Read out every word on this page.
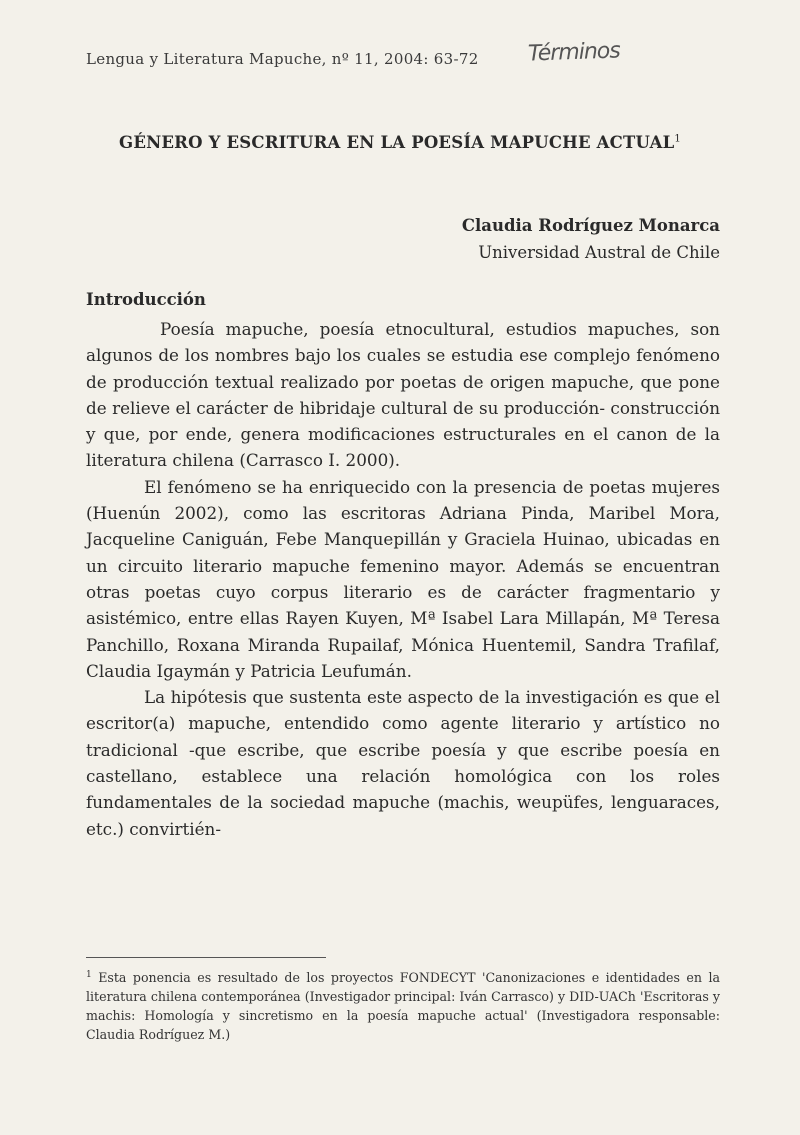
Lengua y Literatura Mapuche, nº 11, 2004: 63-72 Términos
GÉNERO Y ESCRITURA EN LA POESÍA MAPUCHE ACTUAL$^1$
Claudia Rodríguez Monarca
Universidad Austral de Chile
Introducción

Poesía mapuche, poesía etnocultural, estudios mapuches, son algunos de los nombres bajo los cuales se estudia ese complejo fenómeno de producción textual realizado por poetas de origen mapuche, que pone de relieve el carácter de hibridaje cultural de su producción- construcción y que, por ende, genera modificaciones estructurales en el canon de la literatura chilena (Carrasco I. 2000).

El fenómeno se ha enriquecido con la presencia de poetas mujeres (Huenún 2002), como las escritoras Adriana Pinda, Maribel Mora, Jacqueline Caniguán, Febe Manquepillán y Graciela Huinao, ubicadas en un circuito literario mapuche femenino mayor. Además se encuentran otras poetas cuyo corpus literario es de carácter fragmentario y asistémico, entre ellas Rayen Kuyen, Mª Isabel Lara Millapán, Mª Teresa Panchillo, Roxana Miranda Rupailaf, Mónica Huentemil, Sandra Trafilaf, Claudia Igaymán y Patricia Leufumán.

La hipótesis que sustenta este aspecto de la investigación es que el escritor(a) mapuche, entendido como agente literario y artístico no tradicional -que escribe, que escribe poesía y que escribe poesía en castellano, establece una relación homológica con los roles fundamentales de la sociedad mapuche (machis, weupüfes, lenguaraces, etc.) convirtién-

$^1$ Esta ponencia es resultado de los proyectos FONDECYT 'Canonizaciones e identidades en la literatura chilena contemporánea (Investigador principal: Iván Carrasco) y DID-UACh 'Escritoras y machis: Homología y sincretismo en la poesía mapuche actual' (Investigadora responsable: Claudia Rodríguez M.)
